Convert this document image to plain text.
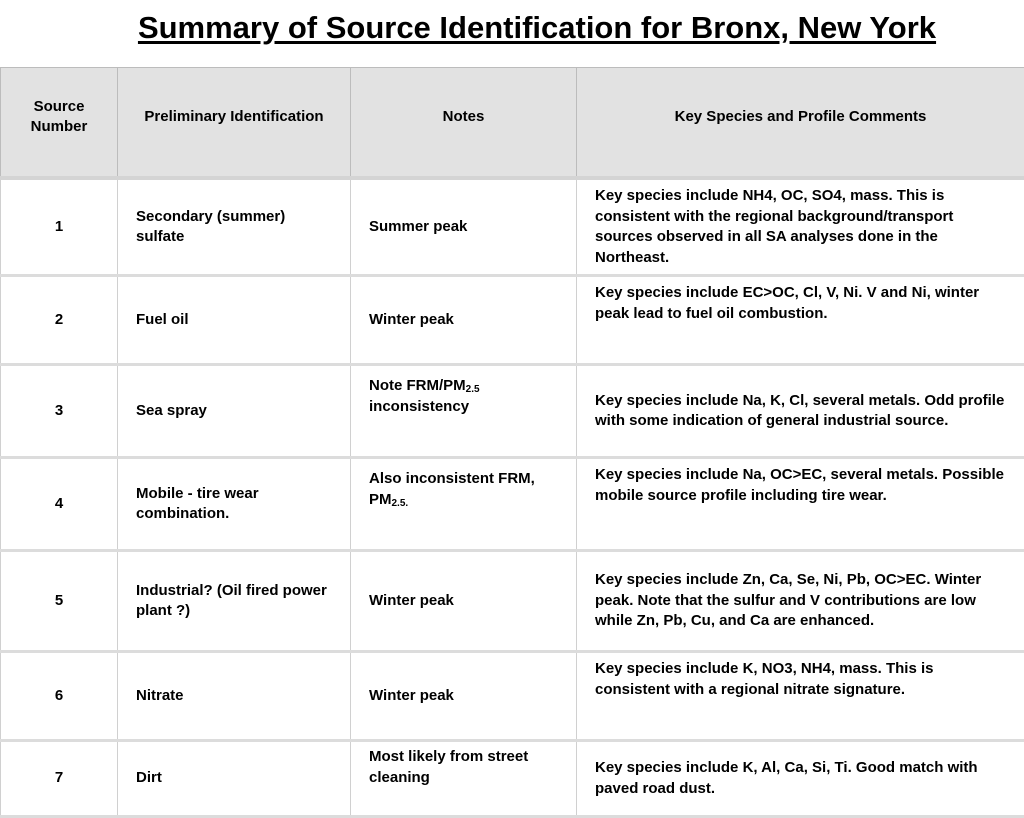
Summary of Source Identification for Bronx, New York
Source Number	Preliminary Identification	Notes	Key Species and Profile Comments
1	Secondary (summer) sulfate	Summer peak	Key species include NH4, OC, SO4, mass. This is consistent with the regional background/transport sources observed in all SA analyses done in the Northeast.
2	Fuel oil	Winter peak	Key species include EC>OC, Cl, V, Ni. V and Ni, winter peak lead to fuel oil combustion.
3	Sea spray	Note FRM/$PM_{2.5}$ inconsistency	Key species include Na, K, Cl, several metals. Odd profile with some indication of general industrial source.
4	Mobile - tire wear combination.	Also inconsistent FRM, $PM_{2.5.}$	Key species include Na, OC>EC, several metals. Possible mobile source profile including tire wear.
5	Industrial? (Oil fired power plant ?)	Winter peak	Key species include Zn, Ca, Se, Ni, Pb, OC>EC. Winter peak. Note that the sulfur and V contributions are low while Zn, Pb, Cu, and Ca are enhanced.
6	Nitrate	Winter peak	Key species include K, NO3, NH4, mass. This is consistent with a regional nitrate signature.
7	Dirt	Most likely from street cleaning	Key species include K, Al, Ca, Si, Ti. Good match with paved road dust.
